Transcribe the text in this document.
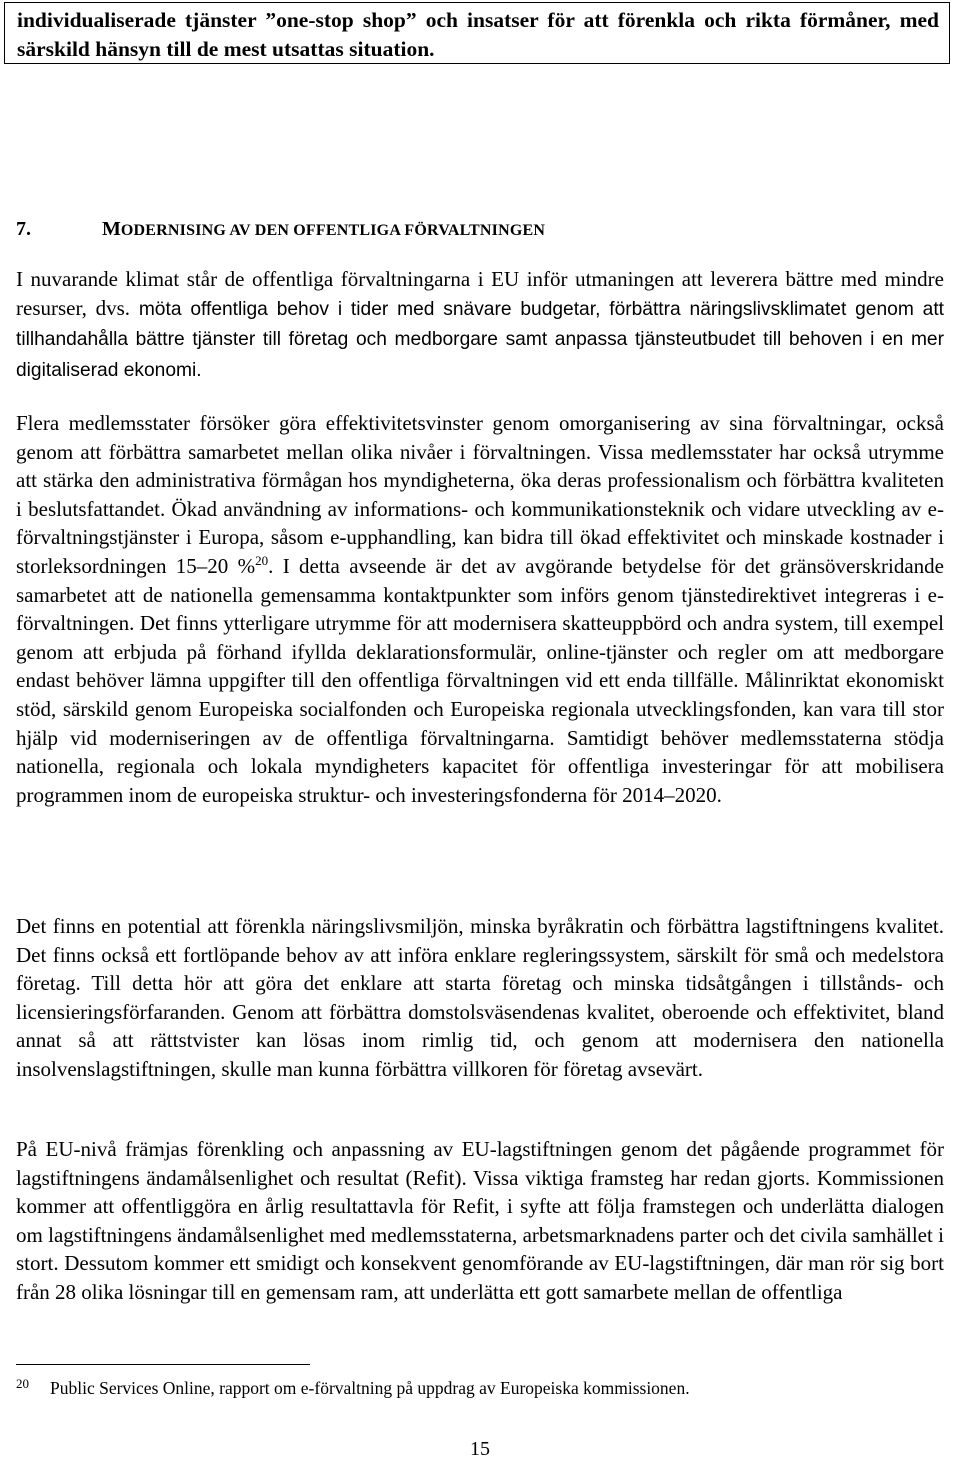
individualiserade tjänster ”one-stop shop” och insatser för att förenkla och rikta förmåner, med särskild hänsyn till de mest utsattas situation.
7.	MODERNISING AV DEN OFFENTLIGA FÖRVALTNINGEN

I nuvarande klimat står de offentliga förvaltningarna i EU inför utmaningen att leverera bättre med mindre resurser, dvs. möta offentliga behov i tider med snävare budgetar, förbättra näringslivsklimatet genom att tillhandahålla bättre tjänster till företag och medborgare samt anpassa tjänsteutbudet till behoven i en mer digitaliserad ekonomi.

Flera medlemsstater försöker göra effektivitetsvinster genom omorganisering av sina förvaltningar, också genom att förbättra samarbetet mellan olika nivåer i förvaltningen. Vissa medlemsstater har också utrymme att stärka den administrativa förmågan hos myndigheterna, öka deras professionalism och förbättra kvaliteten i beslutsfattandet. Ökad användning av informations- och kommunikationsteknik och vidare utveckling av e-förvaltningstjänster i Europa, såsom e-upphandling, kan bidra till ökad effektivitet och minskade kostnader i storleksordningen 15–20 %$^{20}$. I detta avseende är det av avgörande betydelse för det gränsöverskridande samarbetet att de nationella gemensamma kontaktpunkter som införs genom tjänstedirektivet integreras i e-förvaltningen. Det finns ytterligare utrymme för att modernisera skatteuppbörd och andra system, till exempel genom att erbjuda på förhand ifyllda deklarationsformulär, online-tjänster och regler om att medborgare endast behöver lämna uppgifter till den offentliga förvaltningen vid ett enda tillfälle. Målinriktat ekonomiskt stöd, särskild genom Europeiska socialfonden och Europeiska regionala utvecklingsfonden, kan vara till stor hjälp vid moderniseringen av de offentliga förvaltningarna. Samtidigt behöver medlemsstaterna stödja nationella, regionala och lokala myndigheters kapacitet för offentliga investeringar för att mobilisera programmen inom de europeiska struktur- och investeringsfonderna för 2014–2020.

Det finns en potential att förenkla näringslivsmiljön, minska byråkratin och förbättra lagstiftningens kvalitet. Det finns också ett fortlöpande behov av att införa enklare regleringssystem, särskilt för små och medelstora företag. Till detta hör att göra det enklare att starta företag och minska tidsåtgången i tillstånds- och licensieringsförfaranden. Genom att förbättra domstolsväsendenas kvalitet, oberoende och effektivitet, bland annat så att rättstvister kan lösas inom rimlig tid, och genom att modernisera den nationella insolvenslagstiftningen, skulle man kunna förbättra villkoren för företag avsevärt.

På EU-nivå främjas förenkling och anpassning av EU-lagstiftningen genom det pågående programmet för lagstiftningens ändamålsenlighet och resultat (Refit). Vissa viktiga framsteg har redan gjorts. Kommissionen kommer att offentliggöra en årlig resultattavla för Refit, i syfte att följa framstegen och underlätta dialogen om lagstiftningens ändamålsenlighet med medlemsstaterna, arbetsmarknadens parter och det civila samhället i stort. Dessutom kommer ett smidigt och konsekvent genomförande av EU-lagstiftningen, där man rör sig bort från 28 olika lösningar till en gemensam ram, att underlätta ett gott samarbete mellan de offentliga

20 Public Services Online, rapport om e-förvaltning på uppdrag av Europeiska kommissionen.
15
